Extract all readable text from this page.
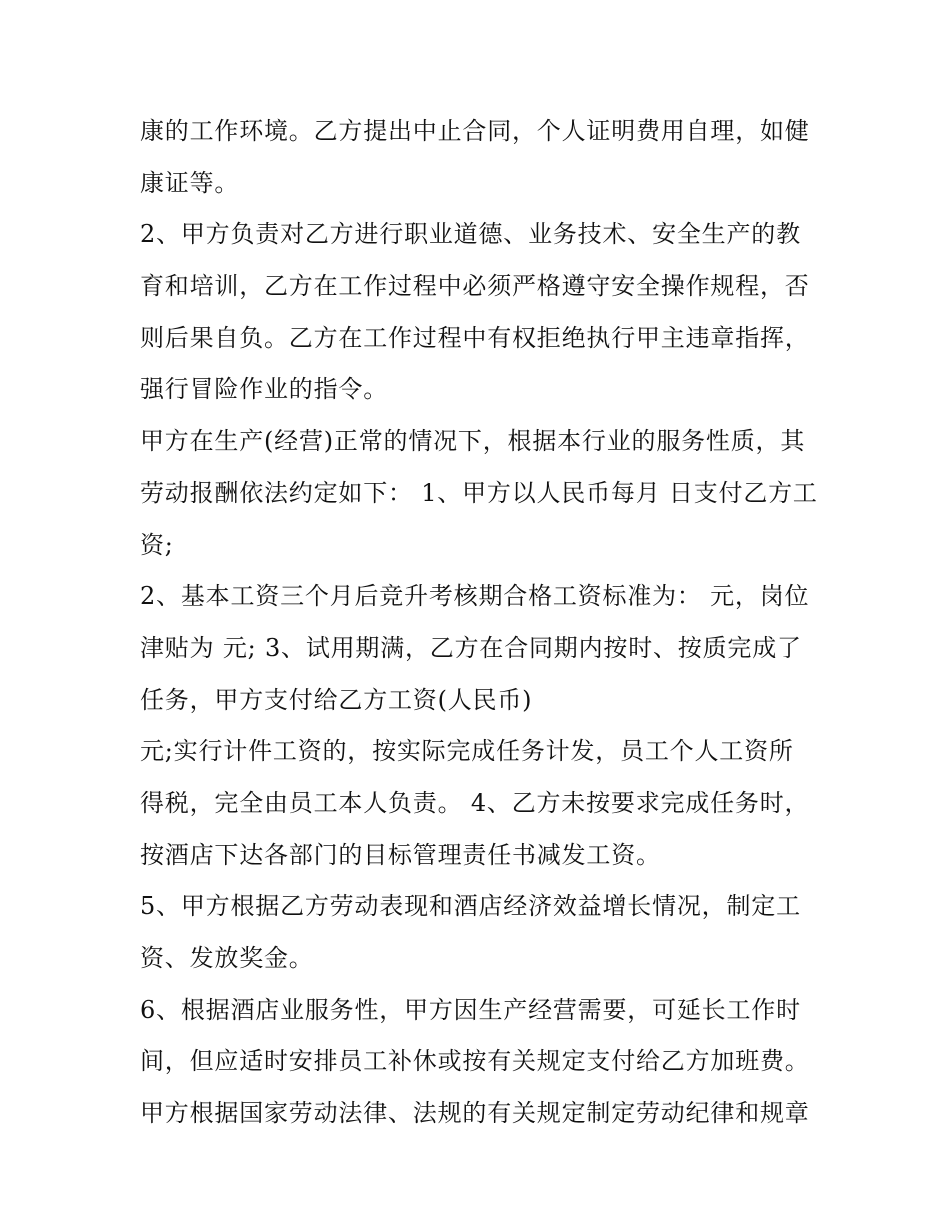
康的工作环境。乙方提出中止合同，个人证明费用自理，如健
康证等。
2、甲方负责对乙方进行职业道德、业务技术、安全生产的教
育和培训，乙方在工作过程中必须严格遵守安全操作规程，否
则后果自负。乙方在工作过程中有权拒绝执行甲主违章指挥，
强行冒险作业的指令。
甲方在生产(经营)正常的情况下，根据本行业的服务性质，其
劳动报酬依法约定如下： 1、甲方以人民币每月 日支付乙方工
资;
2、基本工资三个月后竞升考核期合格工资标准为： 元，岗位
津贴为 元; 3、试用期满，乙方在合同期内按时、按质完成了
任务，甲方支付给乙方工资(人民币)
元;实行计件工资的，按实际完成任务计发，员工个人工资所
得税，完全由员工本人负责。 4、乙方未按要求完成任务时，
按酒店下达各部门的目标管理责任书减发工资。
5、甲方根据乙方劳动表现和酒店经济效益增长情况，制定工
资、发放奖金。
6、根据酒店业服务性，甲方因生产经营需要，可延长工作时
间，但应适时安排员工补休或按有关规定支付给乙方加班费。
甲方根据国家劳动法律、法规的有关规定制定劳动纪律和规章
